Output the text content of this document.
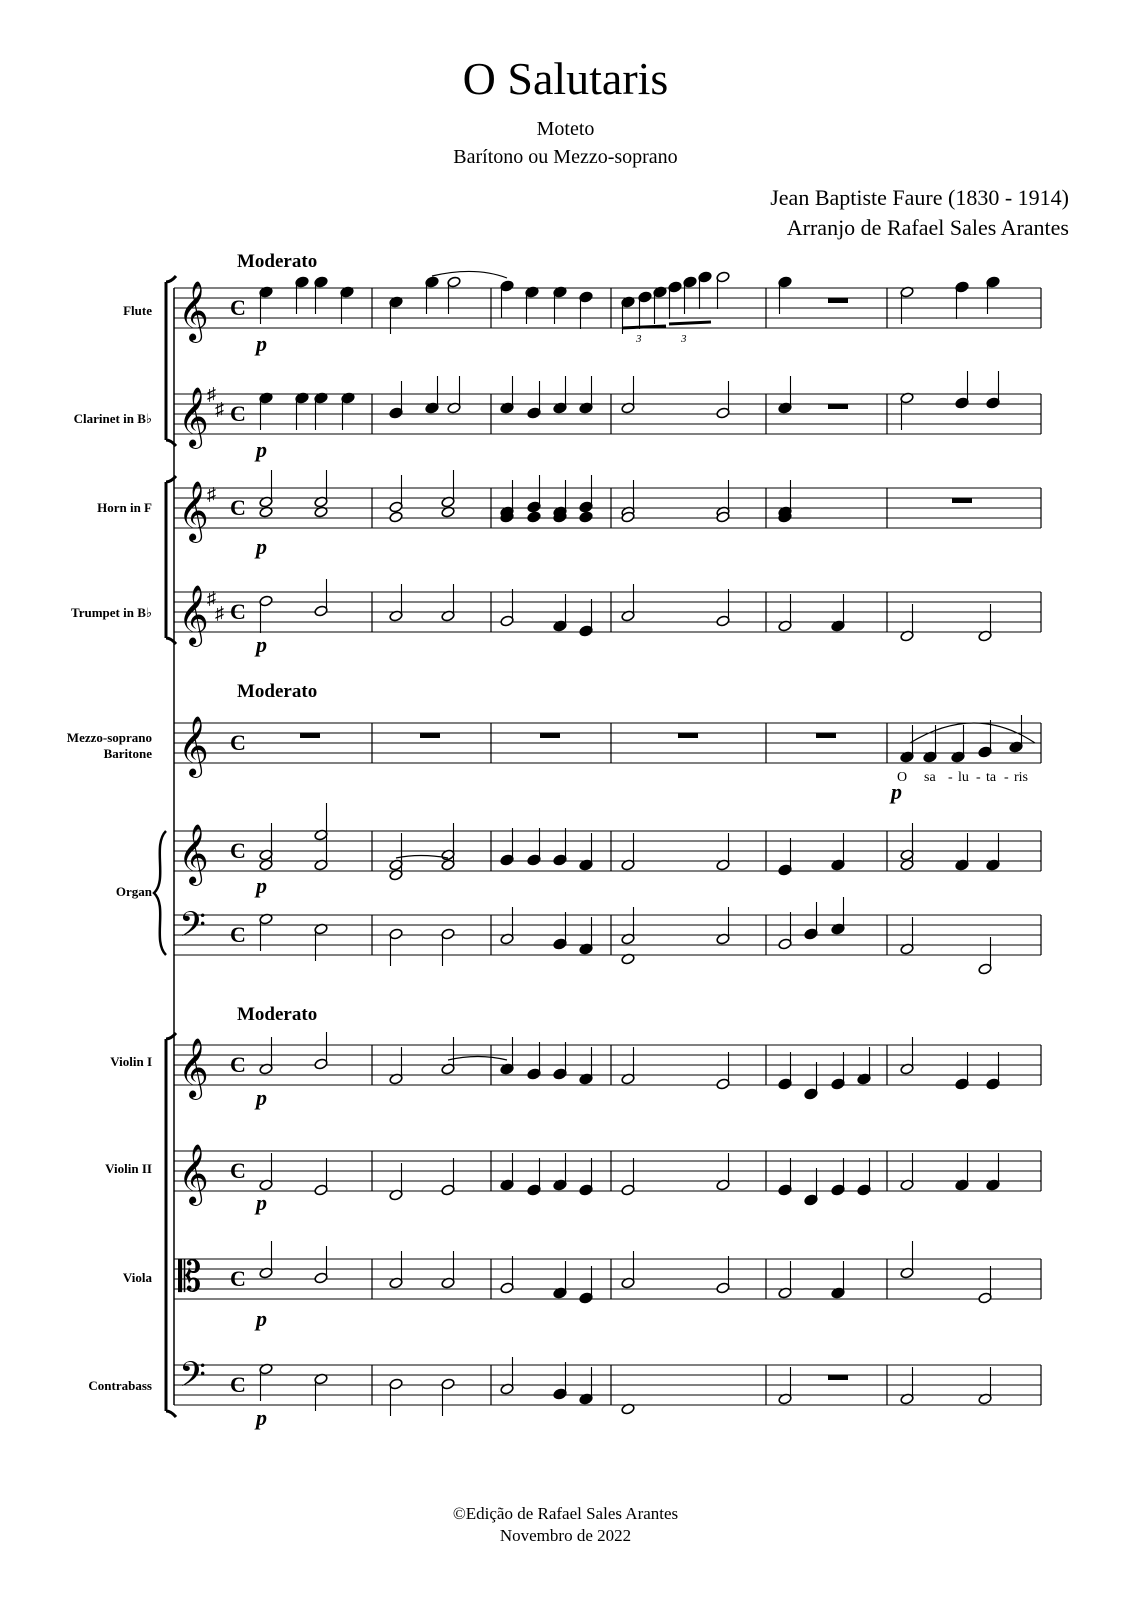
O Salutaris
Moteto
Barítono ou Mezzo-soprano
Jean Baptiste Faure (1830 - 1914)
Arranjo de Rafael Sales Arantes
𝄞
𝄞
𝄞
𝄞
𝄞
𝄞
𝄢
𝄞
𝄞
𝄡
𝄢
♯
♯
♯
♯
♯
Moderato
Moderato
Moderato
Flute
Clarinet in B♭
Horn in F
Trumpet in B♭
Mezzo-soprano
Baritone
Organ
Violin I
Violin II
Viola
Contrabass
p
p
p
p
p
p
p
p
p
p
O sa - lu - ta - ris
3	3
C
C
C
C
C
C
C
C
C
C
C
©Edição de Rafael Sales Arantes
Novembro de 2022
